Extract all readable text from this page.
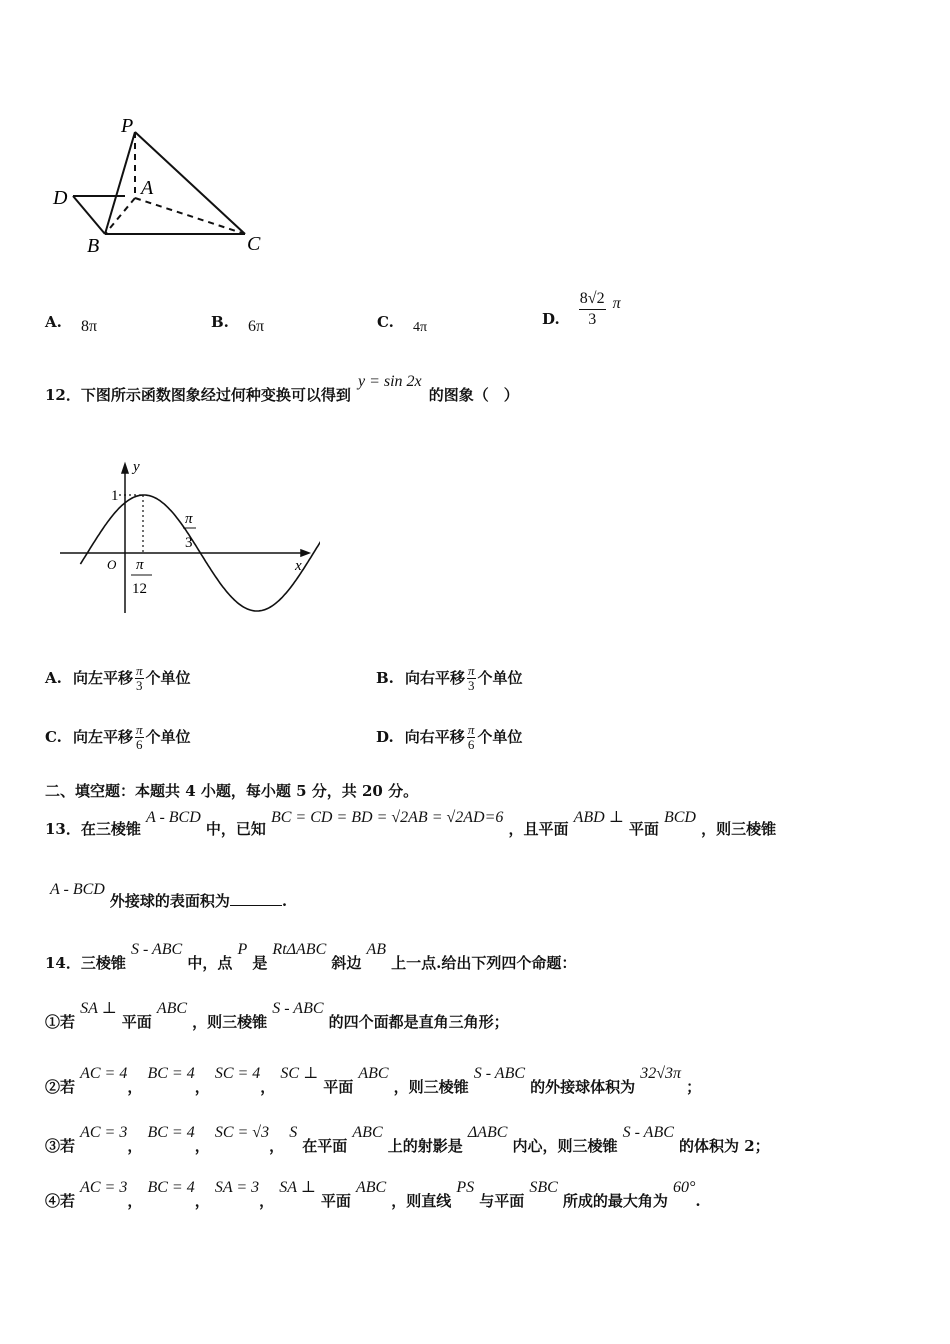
P
A
D
B	C
A. 8π	B. 6π	C. 4π	D. $\frac{8√2}{3}$ π
12．下图所示函数图象经过何种变换可以得到 y = sin 2x 的图象（　）
y
1
π
3
O	x
π
12
A. 向左平移 $\frac{\pi}{3}$ 个单位	B. 向右平移 $\frac{\pi}{3}$ 个单位
C. 向左平移 $\frac{\pi}{6}$ 个单位	D. 向右平移 $\frac{\pi}{6}$ 个单位
二、填空题：本题共 4 小题，每小题 5 分，共 20 分。
13．在三棱锥 A - BCD 中，已知 BC = CD = BD = √2AB = √2AD=6 ，且平面 ABD ⊥ 平面 BCD ，则三棱锥
A - BCD 外接球的表面积为	.
14．三棱锥 S - ABC 中，点 P 是 RtΔABC 斜边 AB 上一点.给出下列四个命题：
①若 SA ⊥ 平面 ABC ，则三棱锥 S - ABC 的四个面都是直角三角形；
②若 AC = 4， BC = 4， SC = 4， SC ⊥ 平面 ABC ，则三棱锥 S - ABC 的外接球体积为 32√3π ；
③若 AC = 3， BC = 4， SC = √3， S 在平面 ABC 上的射影是 ΔABC 内心，则三棱锥 S - ABC 的体积为 2；
④若 AC = 3， BC = 4， SA = 3， SA ⊥ 平面 ABC ，则直线 PS 与平面 SBC 所成的最大角为 60°.
